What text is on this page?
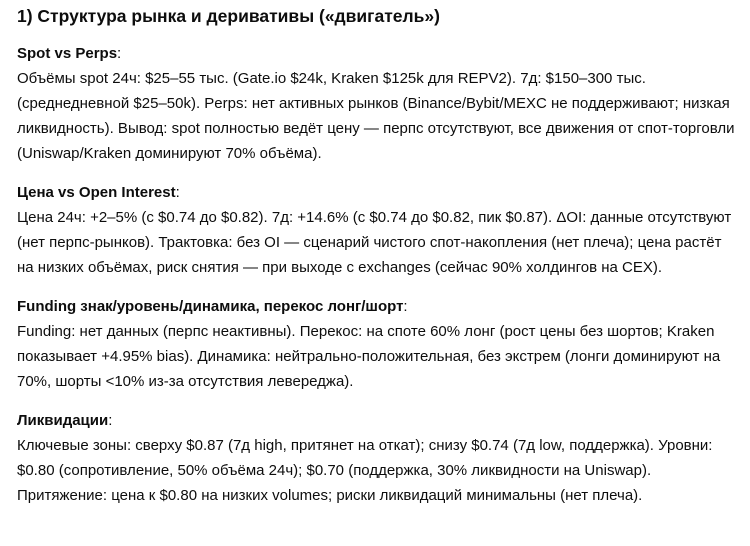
1) Структура рынка и деривативы («двигатель»)
Spot vs Perps:

Объёмы spot 24ч: $25–55 тыс. (Gate.io $24k, Kraken $125k для REPV2). 7д: $150–300 тыс. (среднедневной $25–50k). Perps: нет активных рынков (Binance/Bybit/MEXC не поддерживают; низкая ликвидность). Вывод: spot полностью ведёт цену — перпс отсутствуют, все движения от спот-торговли (Uniswap/Kraken доминируют 70% объёма).

Цена vs Open Interest:

Цена 24ч: +2–5% (с $0.74 до $0.82). 7д: +14.6% (с $0.74 до $0.82, пик $0.87). ΔOI: данные отсутствуют (нет перпс-рынков). Трактовка: без OI — сценарий чистого спот-накопления (нет плеча); цена растёт на низких объёмах, риск снятия — при выходе с exchanges (сейчас 90% холдингов на CEX).

Funding знак/уровень/динамика, перекос лонг/шорт:

Funding: нет данных (перпс неактивны). Перекос: на споте 60% лонг (рост цены без шортов; Kraken показывает +4.95% bias). Динамика: нейтрально-положительная, без экстрем (лонги доминируют на 70%, шорты <10% из-за отсутствия левереджа).

Ликвидации:

Ключевые зоны: сверху $0.87 (7д high, притянет на откат); снизу $0.74 (7д low, поддержка). Уровни: $0.80 (сопротивление, 50% объёма 24ч); $0.70 (поддержка, 30% ликвидности на Uniswap). Притяжение: цена к $0.80 на низких volumes; риски ликвидаций минимальны (нет плеча).
